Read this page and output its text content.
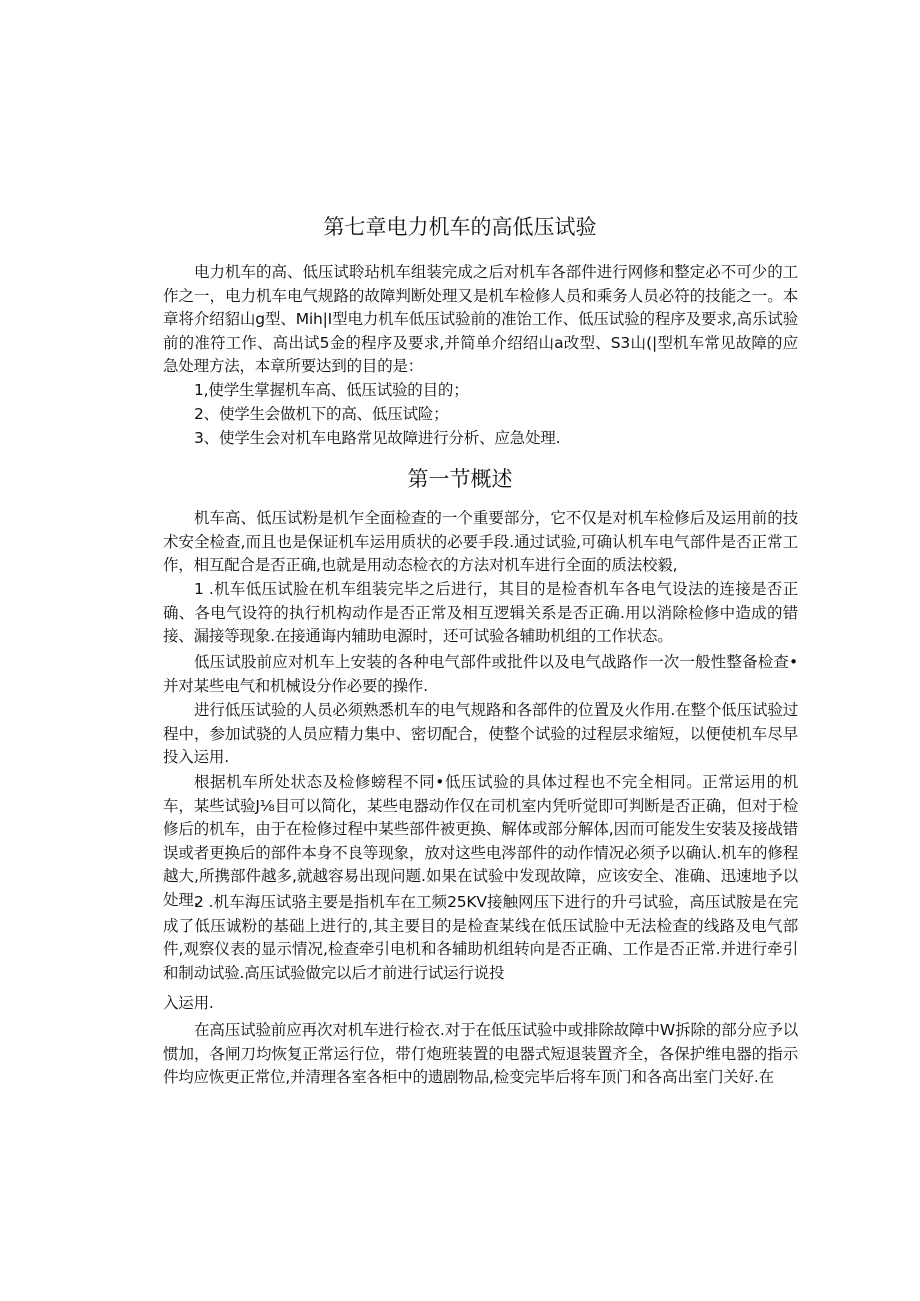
第七章电力机车的高低压试验

电力机车的高、低压试聆玷机车组装完成之后对机车各部件进行网修和整定必不可少的工作之一，电力机车电气规路的故障判断处理又是机车检修人员和乘务人员必符的技能之一。本章将介绍貂山g型、Mih|I型电力机车低压试验前的准饴工作、低压试验的程序及要求,高乐试验前的准符工作、高出试5金的程序及要求,并简单介绍绍山a改型、S3山(|型机车常见故障的应急处理方法，本章所要达到的目的是：

1,使学生掌握机车高、低压试验的目的；

2、使学生会做机下的高、低压试险；

3、使学生会对机车电路常见故障进行分析、应急处理.

第一节概述

机车高、低压试粉是机乍全面检查的一个重要部分，它不仅是对机车检修后及运用前的技术安全检查,而且也是保证机车运用质状的必要手段.通过试验,可确认机车电气部件是否正常工作，相互配合是否正确,也就是用动态检衣的方法对机车进行全面的质法校毅,

1 .机车低压试脸在机车组装完毕之后进行，其目的是检杳机车各电气设法的连接是否正确、各电气设符的执行机构动作是否正常及相互逻辑关系是否正确.用以消除检修中造成的错接、漏接等现象.在接通诲内辅助电源时，还可试验各辅助机组的工作状态。

低压试股前应对机车上安装的各种电气部件或批件以及电气战路作一次一般性整备检查•并对某些电气和机械设分作必要的操作.

进行低压试验的人员必须熟悉机车的电气规路和各部件的位置及火作用.在整个低压试验过程中，参加试骁的人员应精力集中、密切配合，使整个试验的过程层求缩短，以便使机车尽早投入运用.

根据机车所处状态及检修螃程不同•低压试验的具体过程也不完全相同。正常运用的机车，某些试验J⅛目可以简化，某些电器动作仅在司机室内凭听觉即可判断是否正确，但对于检修后的机车，由于在检修过程中某些部件被更换、解体或部分解体,因而可能发生安装及接战错误或者更换后的部件本身不良等现象，放对这些电涔部件的动作情况必须予以确认.机车的修程越大,所携部件越多,就越容易出现问题.如果在试验中发现故障，应该安全、准确、迅速地予以处理.

2 .机车海压试骆主要是指机车在工频25KV接触网压下进行的升弓试验，高压试胺是在完成了低压诚粉的基础上进行的,其主要目的是检查某线在低压试脸中无法检查的线路及电气部件,观察仪表的显示情况,检查牵引电机和各辅助机组转向是否正确、工作是否正常.并进行牵引和制动试验.高压试验做完以后才前进行试运行说投

入运用.

在高压试验前应再次对机车进行检衣.对于在低压试验中或排除故障中W拆除的部分应予以惯加，各闸刀均恢复正常运行位，带仃炮班装置的电器式短退装置齐全，各保护维电器的指示件均应恢更正常位,并清理各室各柜中的遗剧物品,检变完毕后将车顶门和各高出室门关好.在
